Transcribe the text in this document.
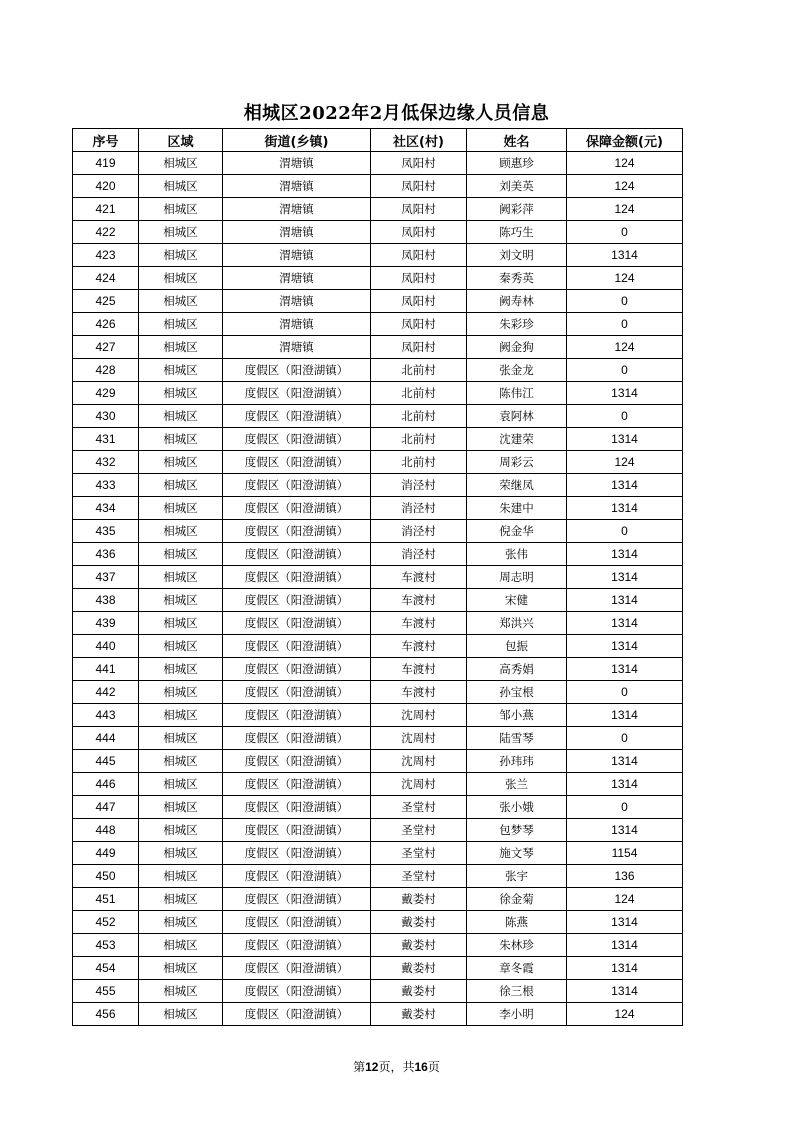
相城区2022年2月低保边缘人员信息
序号	区域	街道(乡镇)	社区(村)	姓名	保障金额(元)
419	相城区	渭塘镇	凤阳村	顾惠珍	124
420	相城区	渭塘镇	凤阳村	刘美英	124
421	相城区	渭塘镇	凤阳村	阙彩萍	124
422	相城区	渭塘镇	凤阳村	陈巧生	0
423	相城区	渭塘镇	凤阳村	刘文明	1314
424	相城区	渭塘镇	凤阳村	秦秀英	124
425	相城区	渭塘镇	凤阳村	阙寿林	0
426	相城区	渭塘镇	凤阳村	朱彩珍	0
427	相城区	渭塘镇	凤阳村	阙金狗	124
428	相城区	度假区（阳澄湖镇）	北前村	张金龙	0
429	相城区	度假区（阳澄湖镇）	北前村	陈伟江	1314
430	相城区	度假区（阳澄湖镇）	北前村	袁阿林	0
431	相城区	度假区（阳澄湖镇）	北前村	沈建荣	1314
432	相城区	度假区（阳澄湖镇）	北前村	周彩云	124
433	相城区	度假区（阳澄湖镇）	消泾村	荣继凤	1314
434	相城区	度假区（阳澄湖镇）	消泾村	朱建中	1314
435	相城区	度假区（阳澄湖镇）	消泾村	倪金华	0
436	相城区	度假区（阳澄湖镇）	消泾村	张伟	1314
437	相城区	度假区（阳澄湖镇）	车渡村	周志明	1314
438	相城区	度假区（阳澄湖镇）	车渡村	宋健	1314
439	相城区	度假区（阳澄湖镇）	车渡村	郑洪兴	1314
440	相城区	度假区（阳澄湖镇）	车渡村	包振	1314
441	相城区	度假区（阳澄湖镇）	车渡村	高秀娟	1314
442	相城区	度假区（阳澄湖镇）	车渡村	孙宝根	0
443	相城区	度假区（阳澄湖镇）	沈周村	邹小燕	1314
444	相城区	度假区（阳澄湖镇）	沈周村	陆雪琴	0
445	相城区	度假区（阳澄湖镇）	沈周村	孙玮玮	1314
446	相城区	度假区（阳澄湖镇）	沈周村	张兰	1314
447	相城区	度假区（阳澄湖镇）	圣堂村	张小娥	0
448	相城区	度假区（阳澄湖镇）	圣堂村	包梦琴	1314
449	相城区	度假区（阳澄湖镇）	圣堂村	施文琴	1154
450	相城区	度假区（阳澄湖镇）	圣堂村	张宇	136
451	相城区	度假区（阳澄湖镇）	戴娄村	徐金菊	124
452	相城区	度假区（阳澄湖镇）	戴娄村	陈燕	1314
453	相城区	度假区（阳澄湖镇）	戴娄村	朱林珍	1314
454	相城区	度假区（阳澄湖镇）	戴娄村	章冬霞	1314
455	相城区	度假区（阳澄湖镇）	戴娄村	徐三根	1314
456	相城区	度假区（阳澄湖镇）	戴娄村	李小明	124
第12页，共16页
